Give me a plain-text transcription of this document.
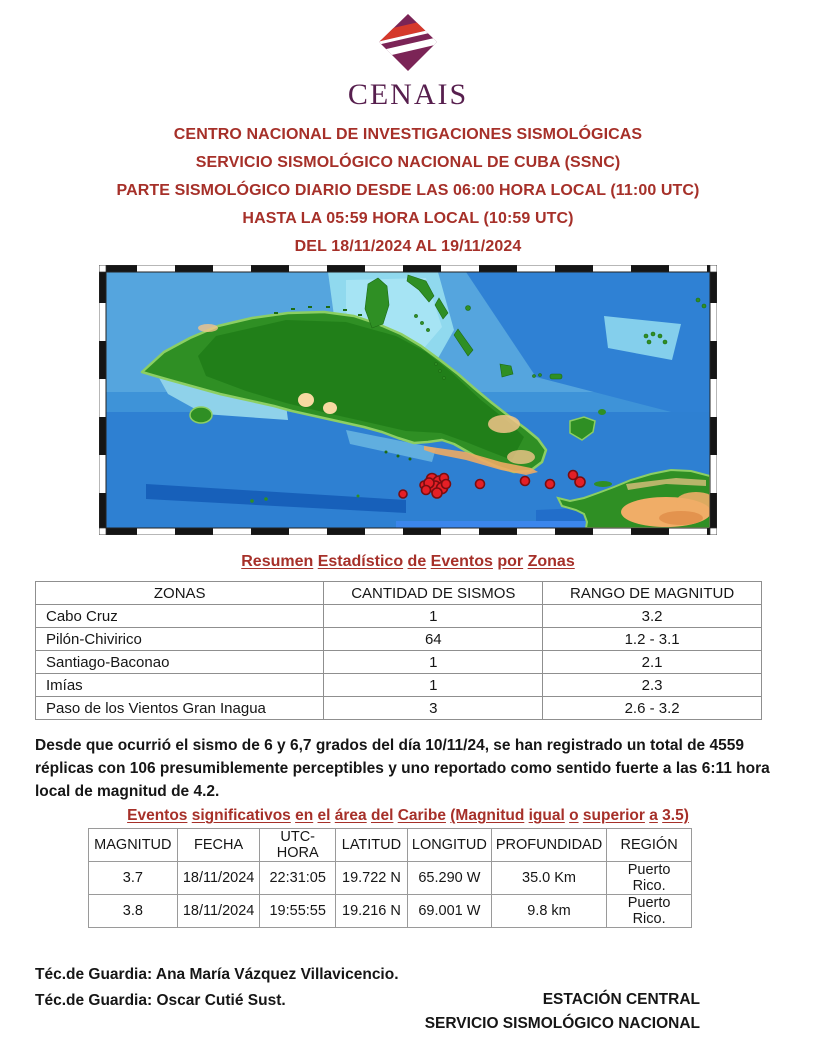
CENAIS
CENTRO NACIONAL DE INVESTIGACIONES SISMOLÓGICAS
SERVICIO SISMOLÓGICO NACIONAL DE CUBA (SSNC)
PARTE SISMOLÓGICO DIARIO DESDE LAS 06:00 HORA LOCAL (11:00 UTC)
HASTA LA 05:59 HORA LOCAL (10:59 UTC)
DEL 18/11/2024 AL 19/11/2024
Resumen Estadístico de Eventos por Zonas
ZONAS	CANTIDAD DE SISMOS	RANGO DE MAGNITUD
Cabo Cruz	1	3.2
Pilón-Chivirico	64	1.2 - 3.1
Santiago-Baconao	1	2.1
Imías	1	2.3
Paso de los Vientos Gran Inagua	3	2.6 - 3.2
Desde que ocurrió el sismo de 6 y 6,7 grados del día 10/11/24, se han registrado un total de 4559
réplicas con 106 presumiblemente perceptibles y uno reportado como sentido fuerte a las 6:11 hora
local de magnitud de 4.2.
Eventos significativos en el área del Caribe (Magnitud igual o superior a 3.5)
MAGNITUD	FECHA	UTC-HORA	LATITUD	LONGITUD	PROFUNDIDAD	REGIÓN
3.7	18/11/2024	22:31:05	19.722 N	65.290 W	35.0 Km	Puerto Rico.
3.8	18/11/2024	19:55:55	19.216 N	69.001 W	9.8 km	Puerto Rico.
Téc.de Guardia: Ana María Vázquez Villavicencio.
Téc.de Guardia: Oscar Cutié Sust.	ESTACIÓN CENTRAL
SERVICIO SISMOLÓGICO NACIONAL
